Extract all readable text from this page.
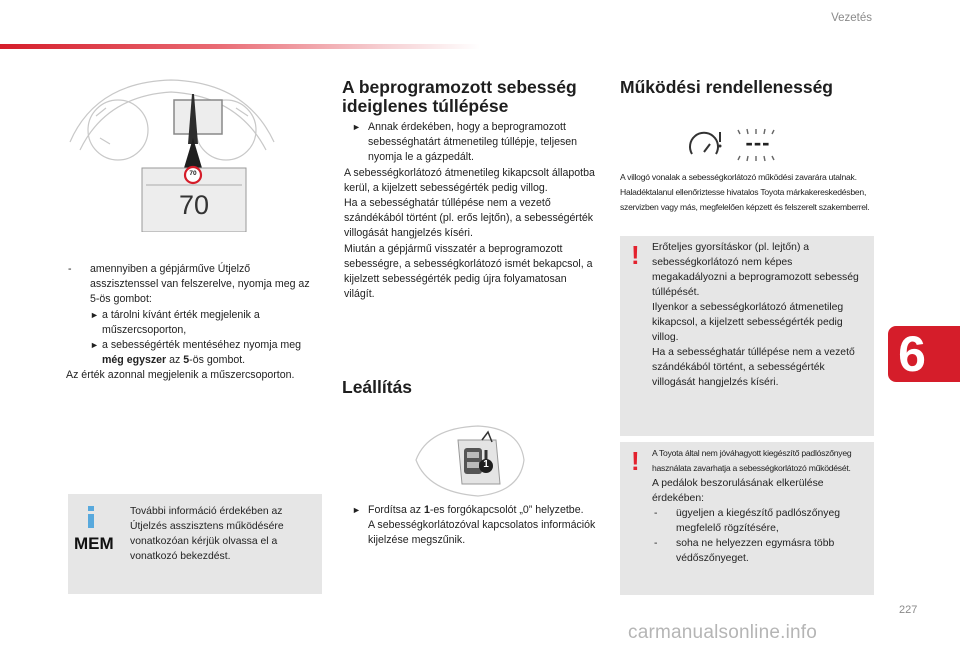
Vezetés
6
227
carmanualsonline.info
70
70

- amennyiben a gépjárműve Útjelző asszisztenssel van felszerelve, nyomja meg az 5-ös gombot:

► a tárolni kívánt érték megjelenik a műszercsoporton,

► a sebességérték mentéséhez nyomja meg még egyszer az 5-ös gombot.

Az érték azonnal megjelenik a műszercsoporton.

MEM
További információ érdekében az Útjelzés asszisztens működésére vonatkozóan kérjük olvassa el a vonatkozó bekezdést.
A beprogramozott sebesség ideiglenes túllépése

► Annak érdekében, hogy a beprogramozott sebességhatárt átmenetileg túllépje, teljesen nyomja le a gázpedált.

A sebességkorlátozó átmenetileg kikapcsolt állapotba kerül, a kijelzett sebességérték pedig villog.

Ha a sebességhatár túllépése nem a vezető szándékából történt (pl. erős lejtőn), a sebességérték villogását hangjelzés kíséri.

Miután a gépjármű visszatér a beprogramozott sebességre, a sebességkorlátozó ismét bekapcsol, a kijelzett sebességérték pedig újra folyamatosan világít.

Leállítás
1

► Fordítsa az 1-es forgókapcsolót „0” helyzetbe.

A sebességkorlátozóval kapcsolatos információk kijelzése megszűnik.

Működési rendellenesség
---
A villogó vonalak a sebességkorlátozó működési zavarára utalnak. Haladéktalanul ellenőriztesse hivatalos Toyota márkakereskedésben, szervizben vagy más, megfelelően képzett és felszerelt szakemberrel.
! Erőteljes gyorsításkor (pl. lejtőn) a sebességkorlátozó nem képes megakadályozni a beprogramozott sebesség túllépését.

Ilyenkor a sebességkorlátozó átmenetileg kikapcsol, a kijelzett sebességérték pedig villog.

Ha a sebességhatár túllépése nem a vezető szándékából történt, a sebességérték villogását hangjelzés kíséri.

! A Toyota által nem jóváhagyott kiegészítő padlószőnyeg használata zavarhatja a sebességkorlátozó működését.

A pedálok beszorulásának elkerülése érdekében:

- ügyeljen a kiegészítő padlószőnyeg megfelelő rögzítésére,

- soha ne helyezzen egymásra több védőszőnyeget.
